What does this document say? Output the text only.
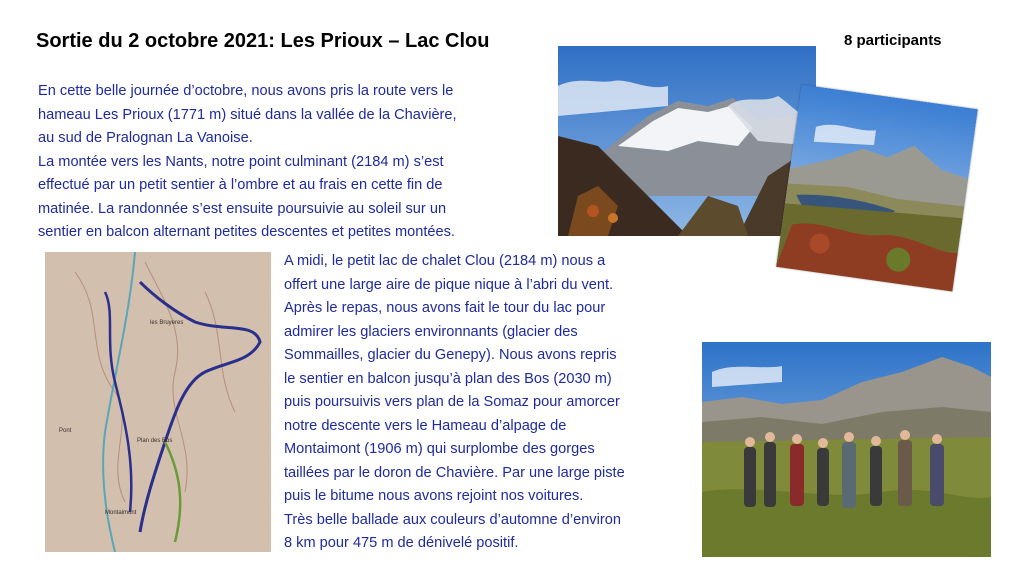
Sortie du 2 octobre 2021: Les Prioux – Lac Clou	8 participants
En cette belle journée d’octobre, nous avons pris la route vers le
hameau Les Prioux (1771 m) situé dans la vallée de la Chavière,
au sud de Pralognan La Vanoise.
La montée vers les Nants, notre point culminant (2184 m) s’est
effectué par un petit sentier à l’ombre et au frais en cette fin de
matinée. La randonnée s’est ensuite poursuivie au soleil sur un
sentier en balcon alternant petites descentes et petites montées.
A midi, le petit lac de chalet Clou (2184 m) nous a
offert une large aire de pique nique à l’abri du vent.
Après le repas, nous avons fait le tour du lac pour
admirer les glaciers environnants (glacier des
Sommailles, glacier du Genepy). Nous avons repris
le sentier en balcon jusqu’à plan des Bos (2030 m)
puis poursuivis vers plan de la Somaz pour amorcer
notre descente vers le Hameau d’alpage de
Montaimont (1906 m) qui surplombe des gorges
taillées par le doron de Chavière. Par une large piste
puis le bitume nous avons rejoint nos voitures.
Très belle ballade aux couleurs d’automne d’environ
8 km pour 475 m de dénivelé positif.
les Bruyeres
Plan des Bos
Pont
Montaimont
